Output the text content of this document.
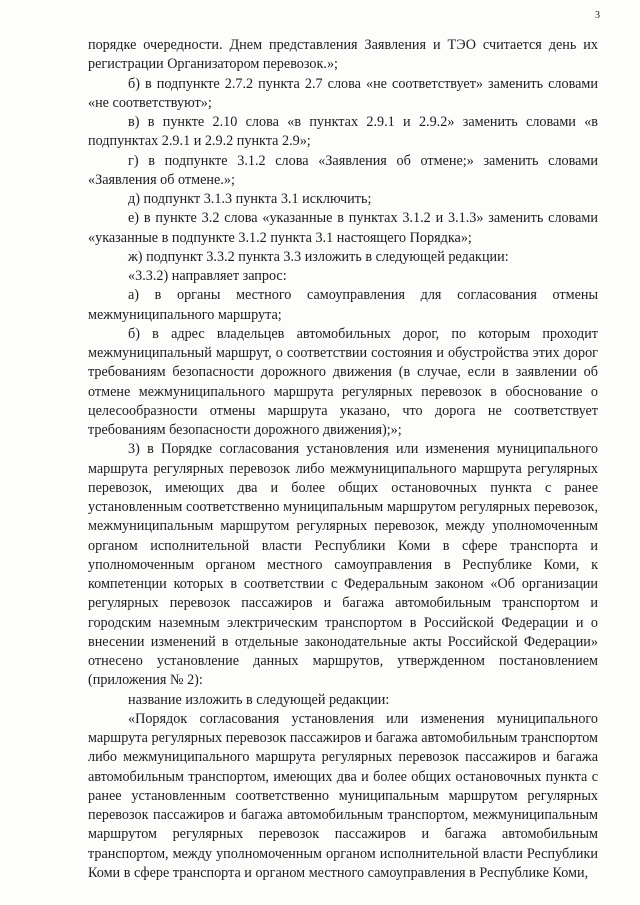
3

порядке очередности. Днем представления Заявления и ТЭО считается день их регистрации Организатором перевозок.»;

б) в подпункте 2.7.2 пункта 2.7 слова «не соответствует» заменить словами «не соответствуют»;

в) в пункте 2.10 слова «в пунктах 2.9.1 и 2.9.2» заменить словами «в подпунктах 2.9.1 и 2.9.2 пункта 2.9»;

г) в подпункте 3.1.2 слова «Заявления об отмене;» заменить словами «Заявления об отмене.»;

д) подпункт 3.1.3 пункта 3.1 исключить;

е) в пункте 3.2 слова «указанные в пунктах 3.1.2 и 3.1.3» заменить словами «указанные в подпункте 3.1.2 пункта 3.1 настоящего Порядка»;

ж) подпункт 3.3.2 пункта 3.3 изложить в следующей редакции:

«3.3.2) направляет запрос:

а) в органы местного самоуправления для согласования отмены межмуниципального маршрута;

б) в адрес владельцев автомобильных дорог, по которым проходит межмуниципальный маршрут, о соответствии состояния и обустройства этих дорог требованиям безопасности дорожного движения (в случае, если в заявлении об отмене межмуниципального маршрута регулярных перевозок в обоснование о целесообразности отмены маршрута указано, что дорога не соответствует требованиям безопасности дорожного движения);»;

3) в Порядке согласования установления или изменения муниципального маршрута регулярных перевозок либо межмуниципального маршрута регулярных перевозок, имеющих два и более общих остановочных пункта с ранее установленным соответственно муниципальным маршрутом регулярных перевозок, межмуниципальным маршрутом регулярных перевозок, между уполномоченным органом исполнительной власти Республики Коми в сфере транспорта и уполномоченным органом местного самоуправления в Республике Коми, к компетенции которых в соответствии с Федеральным законом «Об организации регулярных перевозок пассажиров и багажа автомобильным транспортом и городским наземным электрическим транспортом в Российской Федерации и о внесении изменений в отдельные законодательные акты Российской Федерации» отнесено установление данных маршрутов, утвержденном постановлением (приложения № 2):

название изложить в следующей редакции:

«Порядок согласования установления или изменения муниципального маршрута регулярных перевозок пассажиров и багажа автомобильным транспортом либо межмуниципального маршрута регулярных перевозок пассажиров и багажа автомобильным транспортом, имеющих два и более общих остановочных пункта с ранее установленным соответственно муниципальным маршрутом регулярных перевозок пассажиров и багажа автомобильным транспортом, межмуниципальным маршрутом регулярных перевозок пассажиров и багажа автомобильным транспортом, между уполномоченным органом исполнительной власти Республики Коми в сфере транспорта и органом местного самоуправления в Республике Коми,
